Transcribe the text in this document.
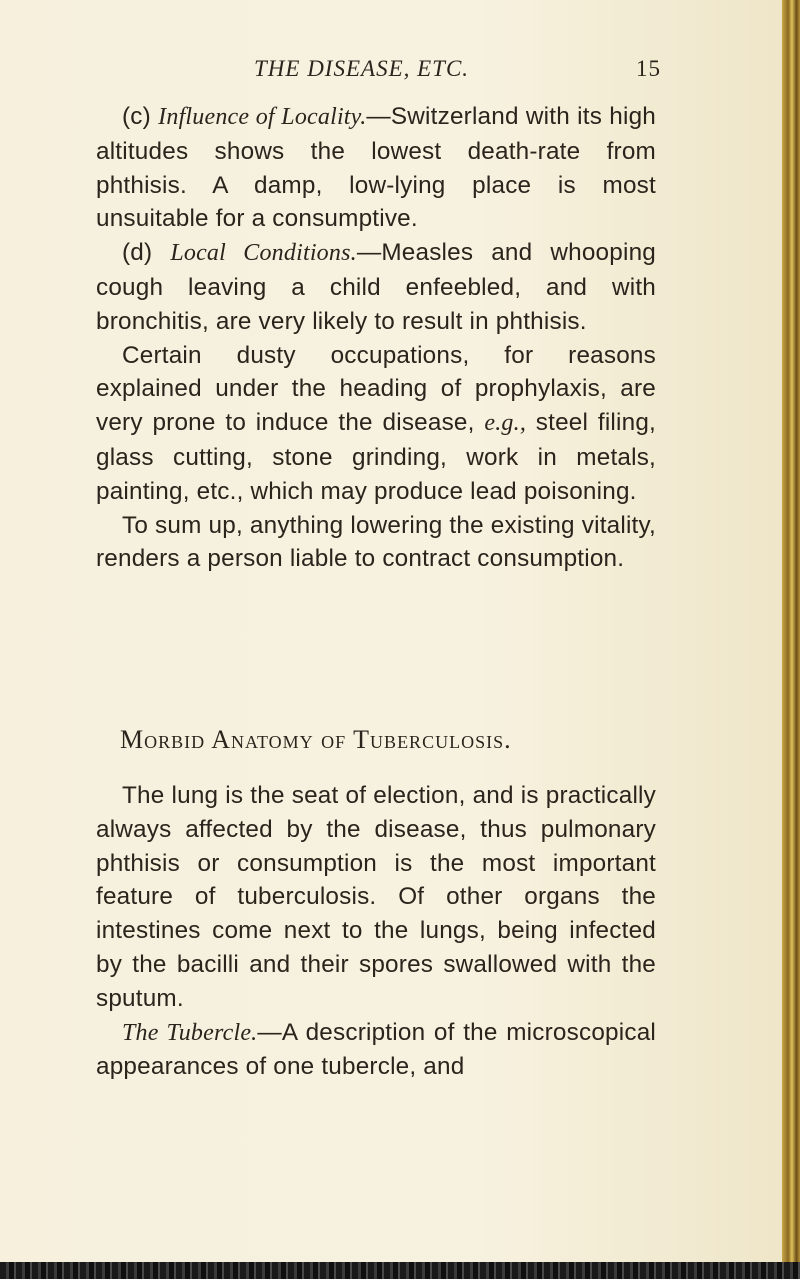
THE DISEASE, ETC.	15

(c) Influence of Locality.—Switzerland with its high altitudes shows the lowest death-rate from phthisis. A damp, low-lying place is most unsuitable for a consumptive.

(d) Local Conditions.—Measles and whooping cough leaving a child enfeebled, and with bronchitis, are very likely to result in phthisis.

Certain dusty occupations, for reasons explained under the heading of prophylaxis, are very prone to induce the disease, e.g., steel filing, glass cutting, stone grinding, work in metals, painting, etc., which may produce lead poisoning.

To sum up, anything lowering the existing vitality, renders a person liable to contract consumption.

Morbid Anatomy of Tuberculosis.

The lung is the seat of election, and is practically always affected by the disease, thus pulmonary phthisis or consumption is the most important feature of tuberculosis. Of other organs the intestines come next to the lungs, being infected by the bacilli and their spores swallowed with the sputum.

The Tubercle.—A description of the microscopical appearances of one tubercle, and
